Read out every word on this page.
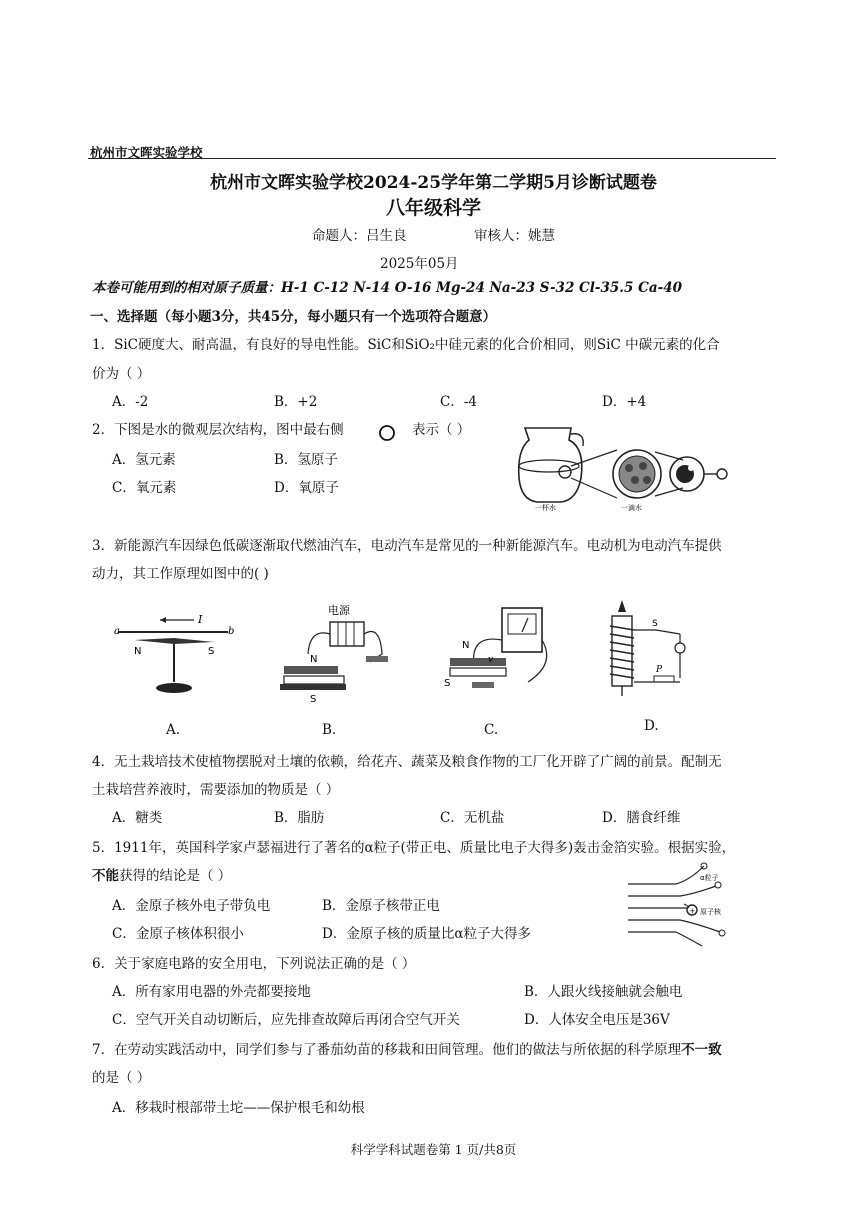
杭州市文晖实验学校
杭州市文晖实验学校2024-25学年第二学期5月诊断试题卷
八年级科学
命题人：吕生良	审核人：姚慧
2025年05月
本卷可能用到的相对原子质量：H-1 C-12 N-14 O-16 Mg-24 Na-23 S-32 Cl-35.5 Ca-40
一、选择题（每小题3分，共45分，每小题只有一个选项符合题意）
1．SiC硬度大、耐高温，有良好的导电性能。SiC和SiO₂中硅元素的化合价相同，则SiC 中碳元素的化合
价为（ ）
A．-2	B．+2	C．-4	D．+4
2．下图是水的微观层次结构，图中最右侧	表示（ ）
A．氢元素	B．氢原子
C．氧元素	D．氧原子
一杯水	一滴水
3．新能源汽车因绿色低碳逐渐取代燃油汽车，电动汽车是常见的一种新能源汽车。电动机为电动汽车提供
动力，其工作原理如图中的( )
I
a	b
N	S
A.
电源
N
S
B.
N
v
S
C.
S
P
D.
4．无土栽培技术使植物摆脱对土壤的依赖，给花卉、蔬菜及粮食作物的工厂化开辟了广阔的前景。配制无
土栽培营养液时，需要添加的物质是（ ）
A．糖类	B．脂肪	C．无机盐	D．膳食纤维
5．1911年，英国科学家卢瑟福进行了著名的α粒子(带正电、质量比电子大得多)轰击金箔实验。根据实验，
不能获得的结论是（ ）
A．金原子核外电子带负电	B．金原子核带正电
C．金原子核体积很小	D．金原子核的质量比α粒子大得多
+
α粒子
原子核
6．关于家庭电路的安全用电，下列说法正确的是（ ）
A．所有家用电器的外壳都要接地	B．人跟火线接触就会触电
C．空气开关自动切断后，应先排查故障后再闭合空气开关	D．人体安全电压是36V
7．在劳动实践活动中，同学们参与了番茄幼苗的移栽和田间管理。他们的做法与所依据的科学原理不一致
的是（ ）
A．移栽时根部带土坨——保护根毛和幼根
科学学科试题卷第 1 页/共8页
